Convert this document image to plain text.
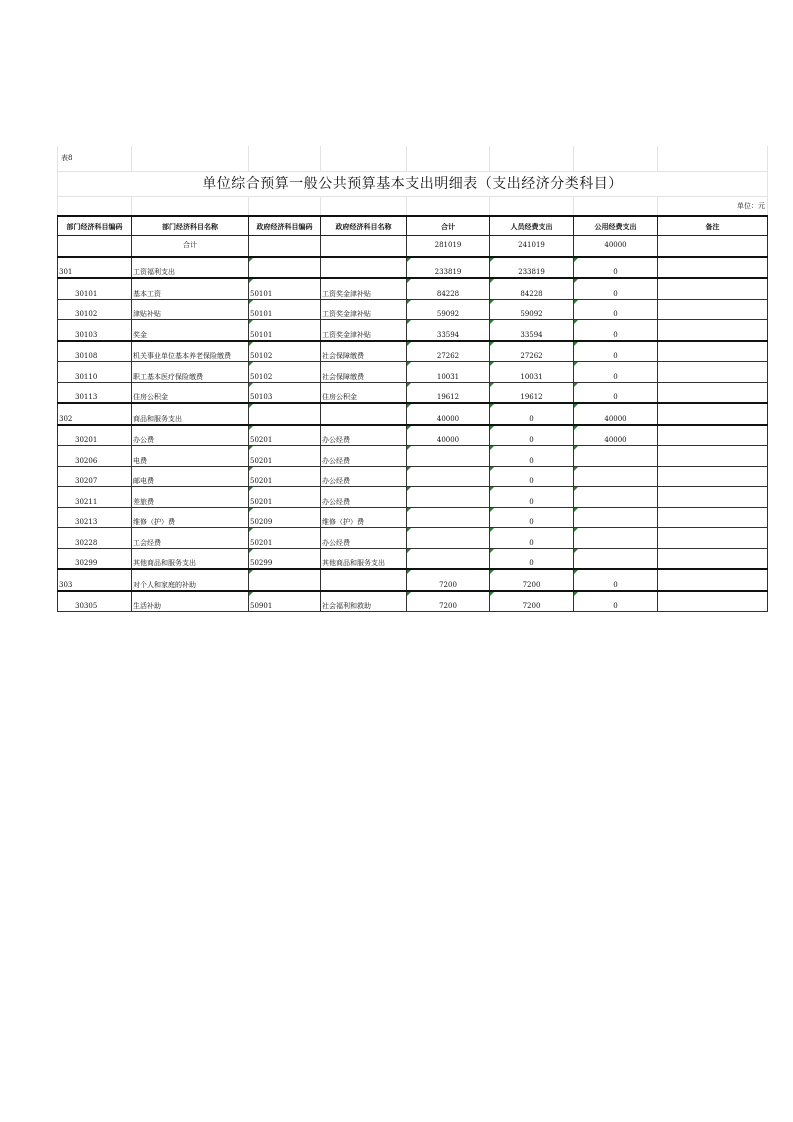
表8							
单位综合预算一般公共预算基本支出明细表（支出经济分类科目）							
							单位：元
部门经济科目编码	部门经济科目名称	政府经济科目编码	政府经济科目名称	合计	人员经费支出	公用经费支出	备注
	合计			281019	241019	40000	
301	工资福利支出			233819	233819	0	
30101	基本工资	50101	工资奖金津补贴	84228	84228	0	
30102	津贴补贴	50101	工资奖金津补贴	59092	59092	0	
30103	奖金	50101	工资奖金津补贴	33594	33594	0	
30108	机关事业单位基本养老保险缴费	50102	社会保障缴费	27262	27262	0	
30110	职工基本医疗保险缴费	50102	社会保障缴费	10031	10031	0	
30113	住房公积金	50103	住房公积金	19612	19612	0	
302	商品和服务支出			40000	0	40000	
30201	办公费	50201	办公经费	40000	0	40000	
30206	电费	50201	办公经费		0		
30207	邮电费	50201	办公经费		0		
30211	差旅费	50201	办公经费		0		
30213	维修（护）费	50209	维修（护）费		0		
30228	工会经费	50201	办公经费		0		
30299	其他商品和服务支出	50299	其他商品和服务支出		0		
303	对个人和家庭的补助			7200	7200	0	
30305	生活补助	50901	社会福利和救助	7200	7200	0	
